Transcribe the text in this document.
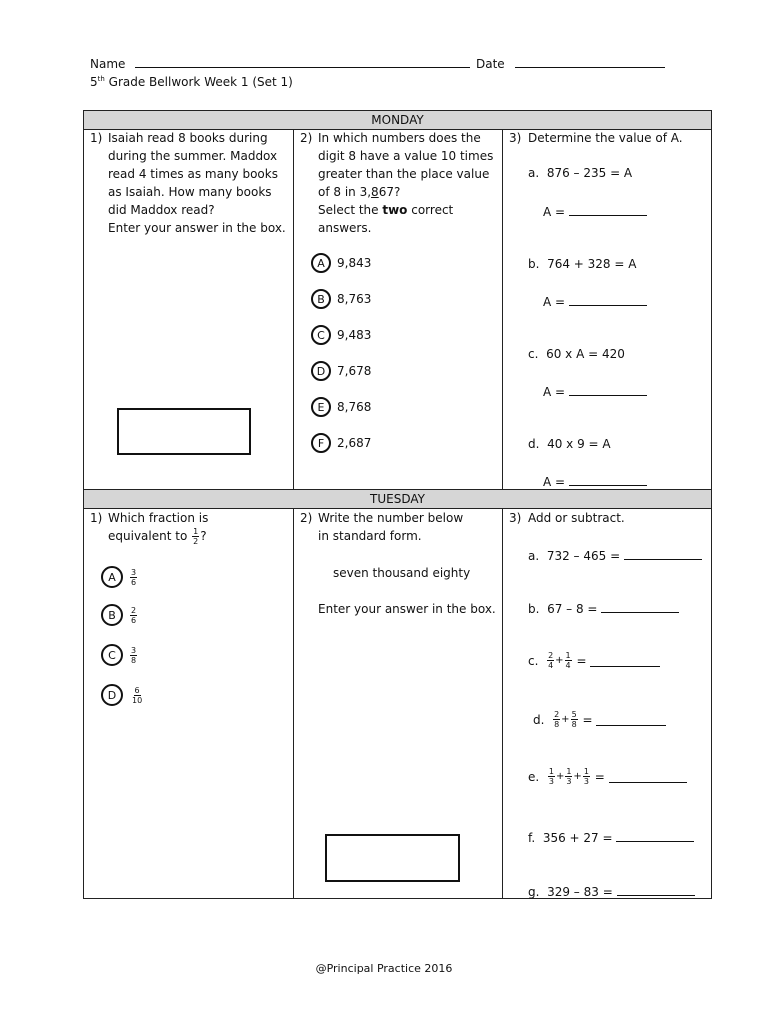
Name	Date
5th Grade Bellwork Week 1 (Set 1)
MONDAY
TUESDAY
1) Isaiah read 8 books during
during the summer. Maddox
read 4 times as many books
as Isaiah. How many books
did Maddox read?
Enter your answer in the box.
2) In which numbers does the
digit 8 have a value 10 times
greater than the place value
of 8 in 3,867?
Select the two correct
answers.
A	9,843
B	8,763
C	9,483
D 7,678
E	8,768
F	2,687
3) Determine the value of A.
a. 876 – 235 = A
A =
b. 764 + 328 = A
A =
c. 60 x A = 420
A =
d. 40 x 9 = A
A =
1) Which fraction is
equivalent to $\frac{1}{2}$ ?
A	$\frac{3}{6}$
B	$\frac{2}{6}$
C	$\frac{3}{8}$
D	$\frac{6}{10}$
2) Write the number below
in standard form.
seven thousand eighty
Enter your answer in the box.
3) Add or subtract.
a. 732 – 465 =
b. 67 – 8 =
c.
$\frac{2}{4} + \frac{1}{4}$
=

d.
$\frac{2}{8} + \frac{5}{8}$
=

e.
$\frac{1}{3} + \frac{1}{3} + \frac{1}{3}$
=

f. 356 + 27 =
g. 329 – 83 =
@Principal Practice 2016
